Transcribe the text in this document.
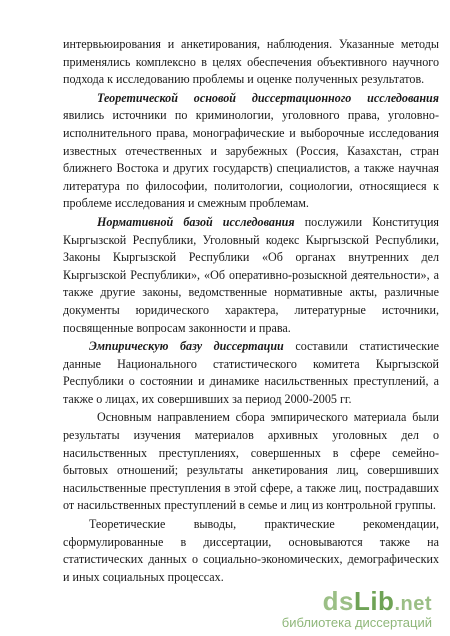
интервьюирования и анкетирования, наблюдения. Указанные методы применялись комплексно в целях обеспечения объективного научного подхода к исследованию проблемы и оценке полученных результатов.

Теоретической основой диссертационного исследования явились источники по криминологии, уголовного права, уголовно-исполнительного права, монографические и выборочные исследования известных отечественных и зарубежных (Россия, Казахстан, стран ближнего Востока и других государств) специалистов, а также научная литература по философии, политологии, социологии, относящиеся к проблеме исследования и смежным проблемам.

Нормативной базой исследования послужили Конституция Кыргызской Республики, Уголовный кодекс Кыргызской Республики, Законы Кыргызской Республики «Об органах внутренних дел Кыргызской Республики», «Об оперативно-розыскной деятельности», а также другие законы, ведомственные нормативные акты, различные документы юридического характера, литературные источники, посвященные вопросам законности и права.

Эмпирическую базу диссертации составили статистические данные Национального статистического комитета Кыргызской Республики о состоянии и динамике насильственных преступлений, а также о лицах, их совершивших за период 2000-2005 гг.

Основным направлением сбора эмпирического материала были результаты изучения материалов архивных уголовных дел о насильственных преступлениях, совершенных в сфере семейно-бытовых отношений; результаты анкетирования лиц, совершивших насильственные преступления в этой сфере, а также лиц, пострадавших от насильственных преступлений в семье и лиц из контрольной группы.

Теоретические выводы, практические рекомендации, сформулированные в диссертации, основываются также на статистических данных о социально-экономических, демографических и иных социальных процессах.

dsLib.net
библиотека диссертаций
